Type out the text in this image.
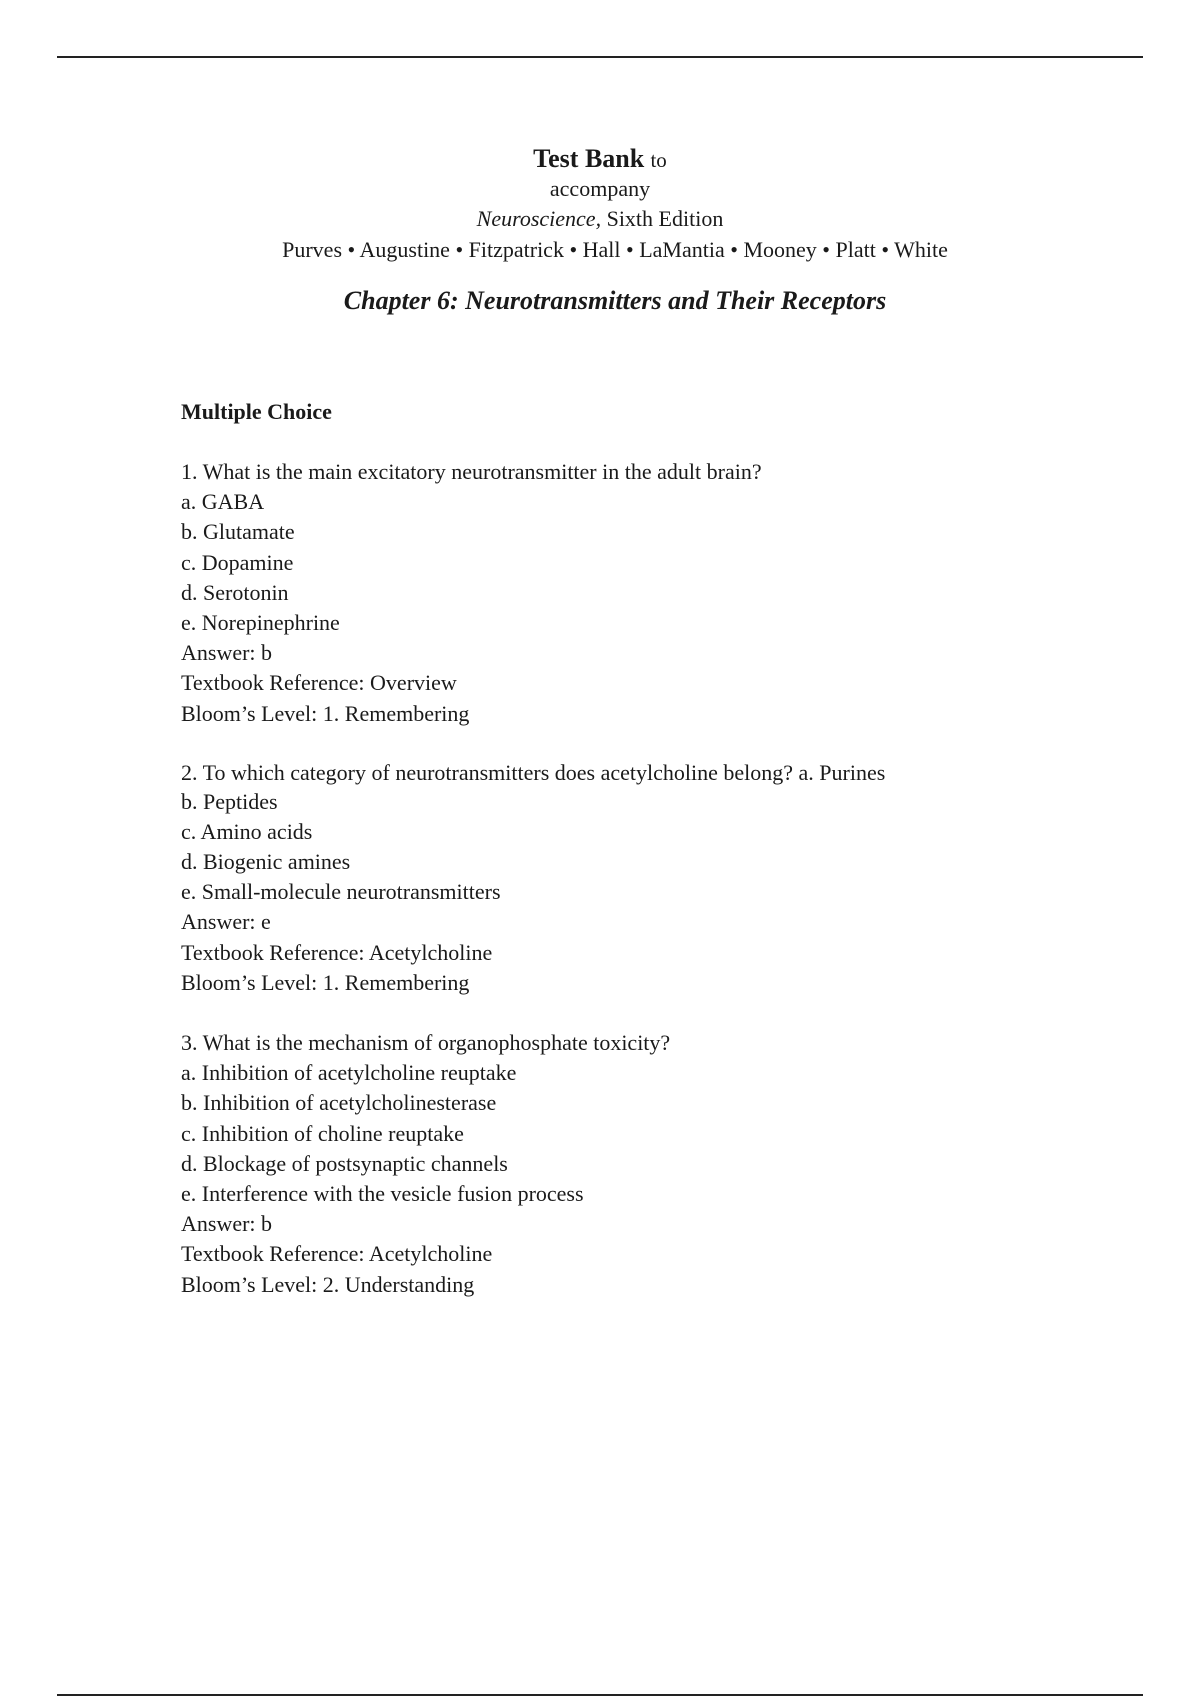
Test Bank to
accompany
Neuroscience, Sixth Edition
Purves • Augustine • Fitzpatrick • Hall • LaMantia • Mooney • Platt • White
Chapter 6: Neurotransmitters and Their Receptors
Multiple Choice
1. What is the main excitatory neurotransmitter in the adult brain?
a. GABA
b. Glutamate
c. Dopamine
d. Serotonin
e. Norepinephrine
Answer: b
Textbook Reference: Overview
Bloom’s Level: 1. Remembering
2. To which category of neurotransmitters does acetylcholine belong? a. Purines
b. Peptides
c. Amino acids
d. Biogenic amines
e. Small-molecule neurotransmitters
Answer: e
Textbook Reference: Acetylcholine
Bloom’s Level: 1. Remembering
3. What is the mechanism of organophosphate toxicity?
a. Inhibition of acetylcholine reuptake
b. Inhibition of acetylcholinesterase
c. Inhibition of choline reuptake
d. Blockage of postsynaptic channels
e. Interference with the vesicle fusion process
Answer: b
Textbook Reference: Acetylcholine
Bloom’s Level: 2. Understanding
